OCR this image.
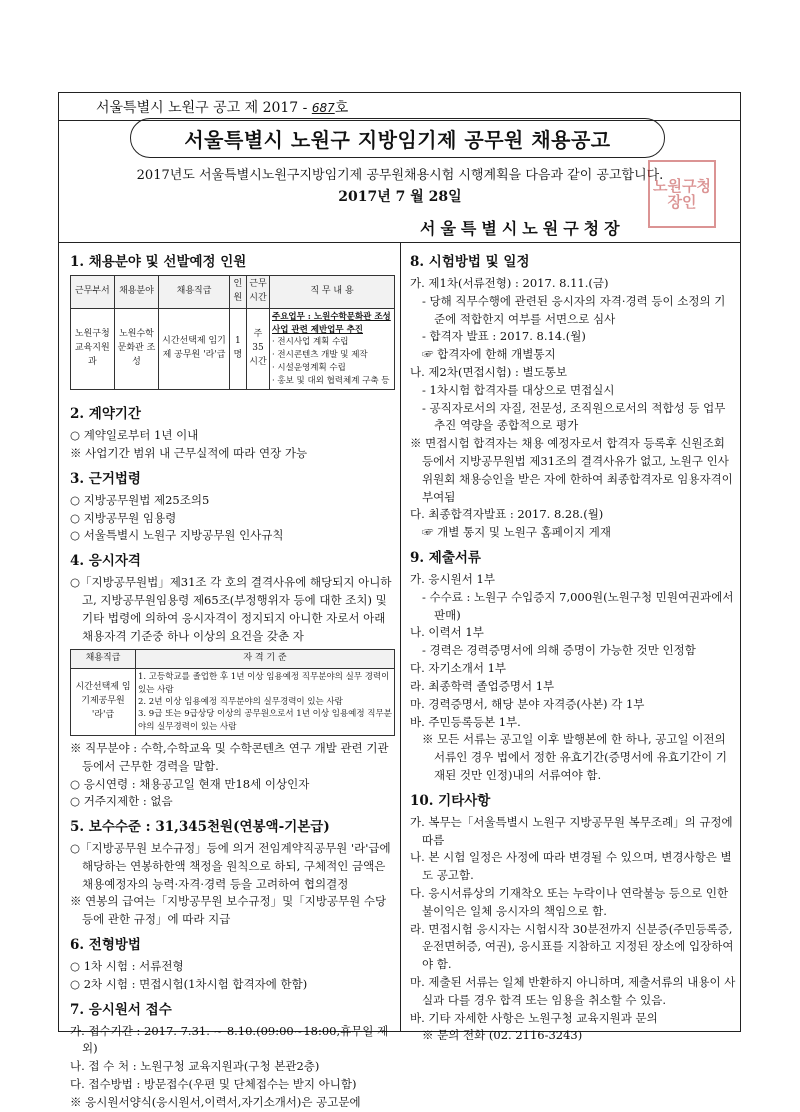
서울특별시 노원구 공고 제 2017 - 687호
서울특별시 노원구 지방임기제 공무원 채용공고
2017년도 서울특별시노원구지방임기제 공무원채용시험 시행계획을 다음과 같이 공고합니다.
2017년 7 월 28일
노원구청장인
서울특별시노원구청장
1. 채용분야 및 선발예정 인원
근무부서	채용분야	채용직급	인원	근무시간	직 무 내 용
노원구청 교육지원과	노원수학 문화관 조성	시간선택제 임기제 공무원 '라'급	1명	주 35 시간	주요업무 : 노원수학문화관 조성 사업 관련 제반업무 추진
· 전시사업 계획 수립
· 전시콘텐츠 개발 및 제작
· 시설운영계획 수립
· 홍보 및 대외 협력체계 구축 등
2. 계약기간

○ 계약일로부터 1년 이내

※ 사업기간 범위 내 근무실적에 따라 연장 가능

3. 근거법령

○ 지방공무원법 제25조의5

○ 지방공무원 임용령

○ 서울특별시 노원구 지방공무원 인사규칙

4. 응시자격

○「지방공무원법」제31조 각 호의 결격사유에 해당되지 아니하고, 지방공무원임용령 제65조(부정행위자 등에 대한 조치) 및 기타 법령에 의하여 응시자격이 정지되지 아니한 자로서 아래 채용자격 기준중 하나 이상의 요건을 갖춘 자

채용직급	자 격 기 준
시간선택제 임기제공무원 '라'급	1. 고등학교를 졸업한 후 1년 이상 임용예정 직무분야의 실무 경력이 있는 사람
2. 2년 이상 임용예정 직무분야의 실무경력이 있는 사람
3. 9급 또는 9급상당 이상의 공무원으로서 1년 이상 임용예정 직무분야의 실무경력이 있는 사람

※ 직무분야 : 수학,수학교육 및 수학콘텐츠 연구 개발 관련 기관 등에서 근무한 경력을 말함.

○ 응시연령 : 채용공고일 현재 만18세 이상인자

○ 거주지제한 : 없음

5. 보수수준 : 31,345천원(연봉액-기본급)

○「지방공무원 보수규정」등에 의거 전임계약직공무원 '라'급에 해당하는 연봉하한액 책정을 원칙으로 하되, 구체적인 금액은 채용예정자의 능력·자격·경력 등을 고려하여 협의결정

※ 연봉의 급여는「지방공무원 보수규정」및「지방공무원 수당 등에 관한 규정」에 따라 지급

6. 전형방법

○ 1차 시험 : 서류전형

○ 2차 시험 : 면접시험(1차시험 합격자에 한함)

7. 응시원서 접수

가. 접수기간 : 2017. 7.31. ~ 8.10.(09:00~18:00,휴무일 제외)

나. 접 수 처 : 노원구청 교육지원과(구청 본관2층)

다. 접수방법 : 방문접수(우편 및 단체접수는 받지 아니함)

※ 응시원서양식(응시원서,이력서,자기소개서)은 공고문에

8. 시험방법 및 일정

가. 제1차(서류전형) : 2017. 8.11.(금)

- 당해 직무수행에 관련된 응시자의 자격·경력 등이 소정의 기준에 적합한지 여부를 서면으로 심사

- 합격자 발표 : 2017. 8.14.(월)

☞ 합격자에 한해 개별통지

나. 제2차(면접시험) : 별도통보

- 1차시험 합격자를 대상으로 면접실시

- 공직자로서의 자질, 전문성, 조직원으로서의 적합성 등 업무추진 역량을 종합적으로 평가

※ 면접시험 합격자는 채용 예정자로서 합격자 등록후 신원조회 등에서 지방공무원법 제31조의 결격사유가 없고, 노원구 인사위원회 채용승인을 받은 자에 한하여 최종합격자로 임용자격이 부여됨

다. 최종합격자발표 : 2017. 8.28.(월)

☞ 개별 통지 및 노원구 홈페이지 게재

9. 제출서류

가. 응시원서 1부

- 수수료 : 노원구 수입증지 7,000원(노원구청 민원여권과에서 판매)

나. 이력서 1부

- 경력은 경력증명서에 의해 증명이 가능한 것만 인정함

다. 자기소개서 1부

라. 최종학력 졸업증명서 1부

마. 경력증명서, 해당 분야 자격증(사본) 각 1부

바. 주민등록등본 1부.

※ 모든 서류는 공고일 이후 발행본에 한 하나, 공고일 이전의 서류인 경우 법에서 정한 유효기간(증명서에 유효기간이 기재된 것만 인정)내의 서류여야 함.

10. 기타사항

가. 복무는「서울특별시 노원구 지방공무원 복무조례」의 규정에 따름

나. 본 시험 일정은 사정에 따라 변경될 수 있으며, 변경사항은 별도 공고함.

다. 응시서류상의 기재착오 또는 누락이나 연락불능 등으로 인한 불이익은 일체 응시자의 책임으로 함.

라. 면접시험 응시자는 시험시작 30분전까지 신분증(주민등록증, 운전면허증, 여권), 응시표를 지참하고 지정된 장소에 입장하여야 함.

마. 제출된 서류는 일체 반환하지 아니하며, 제출서류의 내용이 사실과 다를 경우 합격 또는 임용을 취소할 수 있음.

바. 기타 자세한 사항은 노원구청 교육지원과 문의

※ 문의 전화 (02. 2116-3243)
